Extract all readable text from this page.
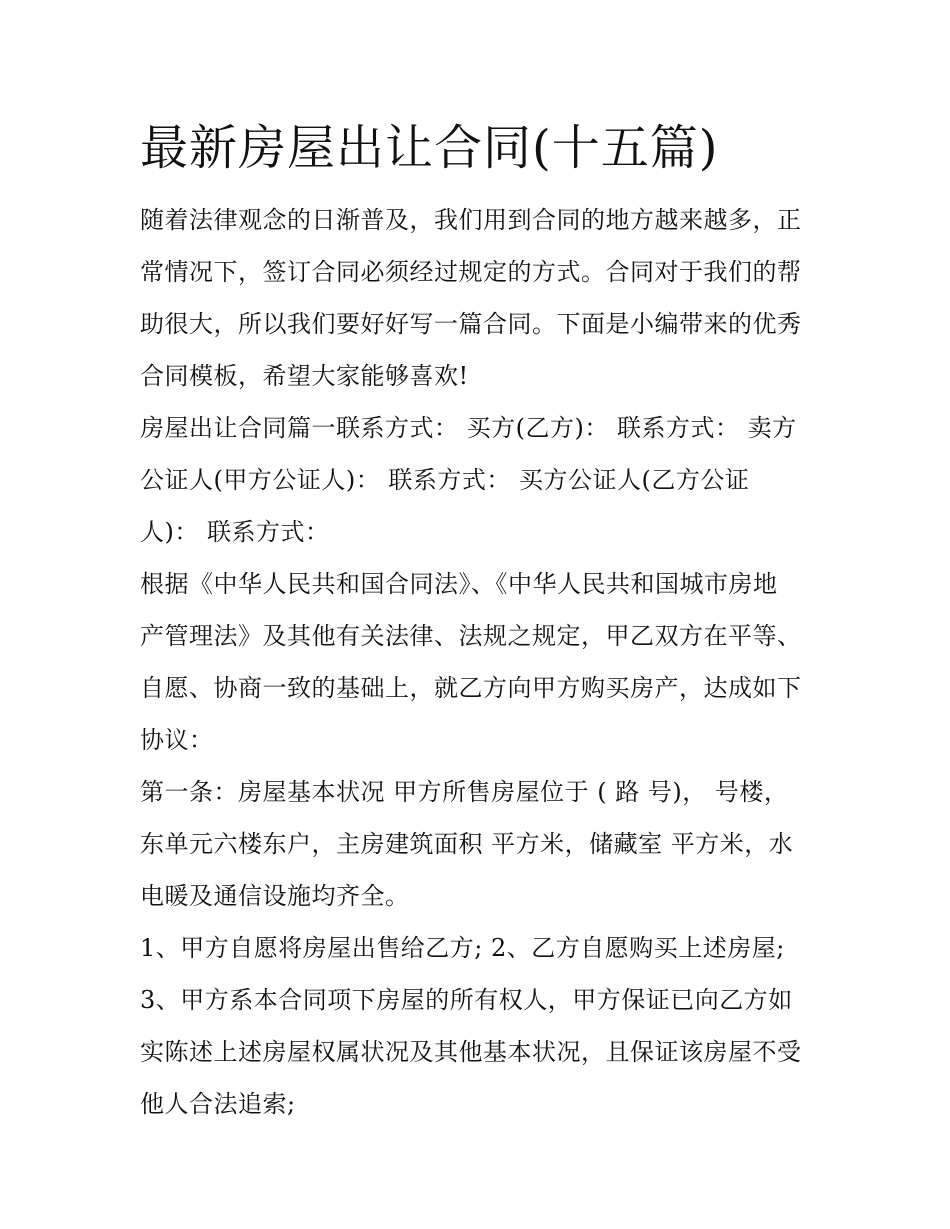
最新房屋出让合同(十五篇)
随着法律观念的日渐普及，我们用到合同的地方越来越多，正
常情况下，签订合同必须经过规定的方式。合同对于我们的帮
助很大，所以我们要好好写一篇合同。下面是小编带来的优秀
合同模板，希望大家能够喜欢!
房屋出让合同篇一联系方式： 买方(乙方)： 联系方式： 卖方
公证人(甲方公证人)： 联系方式： 买方公证人(乙方公证
人)： 联系方式：
根据《中华人民共和国合同法》、《中华人民共和国城市房地
产管理法》及其他有关法律、法规之规定，甲乙双方在平等、
自愿、协商一致的基础上，就乙方向甲方购买房产，达成如下
协议：
第一条：房屋基本状况 甲方所售房屋位于 ( 路 号)， 号楼，
东单元六楼东户，主房建筑面积 平方米，储藏室 平方米，水
电暖及通信设施均齐全。
1、甲方自愿将房屋出售给乙方; 2、乙方自愿购买上述房屋;
3、甲方系本合同项下房屋的所有权人，甲方保证已向乙方如
实陈述上述房屋权属状况及其他基本状况，且保证该房屋不受
他人合法追索;
